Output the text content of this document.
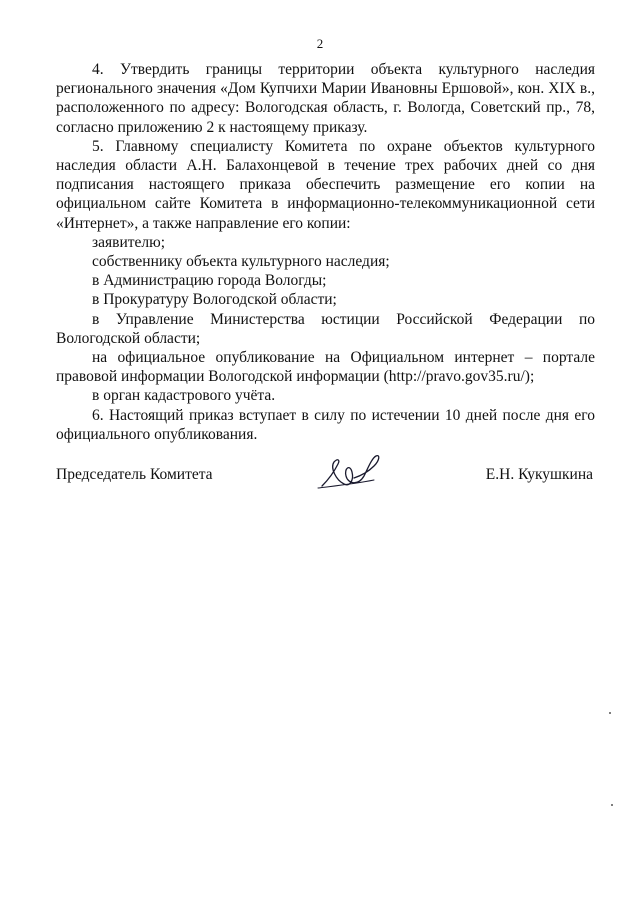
2

4. Утвердить границы территории объекта культурного наследия регионального значения «Дом Купчихи Марии Ивановны Ершовой», кон. XIX в., расположенного по адресу: Вологодская область, г. Вологда, Советский пр., 78, согласно приложению 2 к настоящему приказу.

5. Главному специалисту Комитета по охране объектов культурного наследия области А.Н. Балахонцевой в течение трех рабочих дней со дня подписания настоящего приказа обеспечить размещение его копии на официальном сайте Комитета в информационно-телекоммуникационной сети «Интернет», а также направление его копии:

заявителю;

собственнику объекта культурного наследия;

в Администрацию города Вологды;

в Прокуратуру Вологодской области;

в Управление Министерства юстиции Российской Федерации по Вологодской области;

на официальное опубликование на Официальном интернет – портале правовой информации Вологодской информации (http://pravo.gov35.ru/);

в орган кадастрового учёта.

6. Настоящий приказ вступает в силу по истечении 10 дней после дня его официального опубликования.

Председатель Комитета	Е.Н. Кукушкина
